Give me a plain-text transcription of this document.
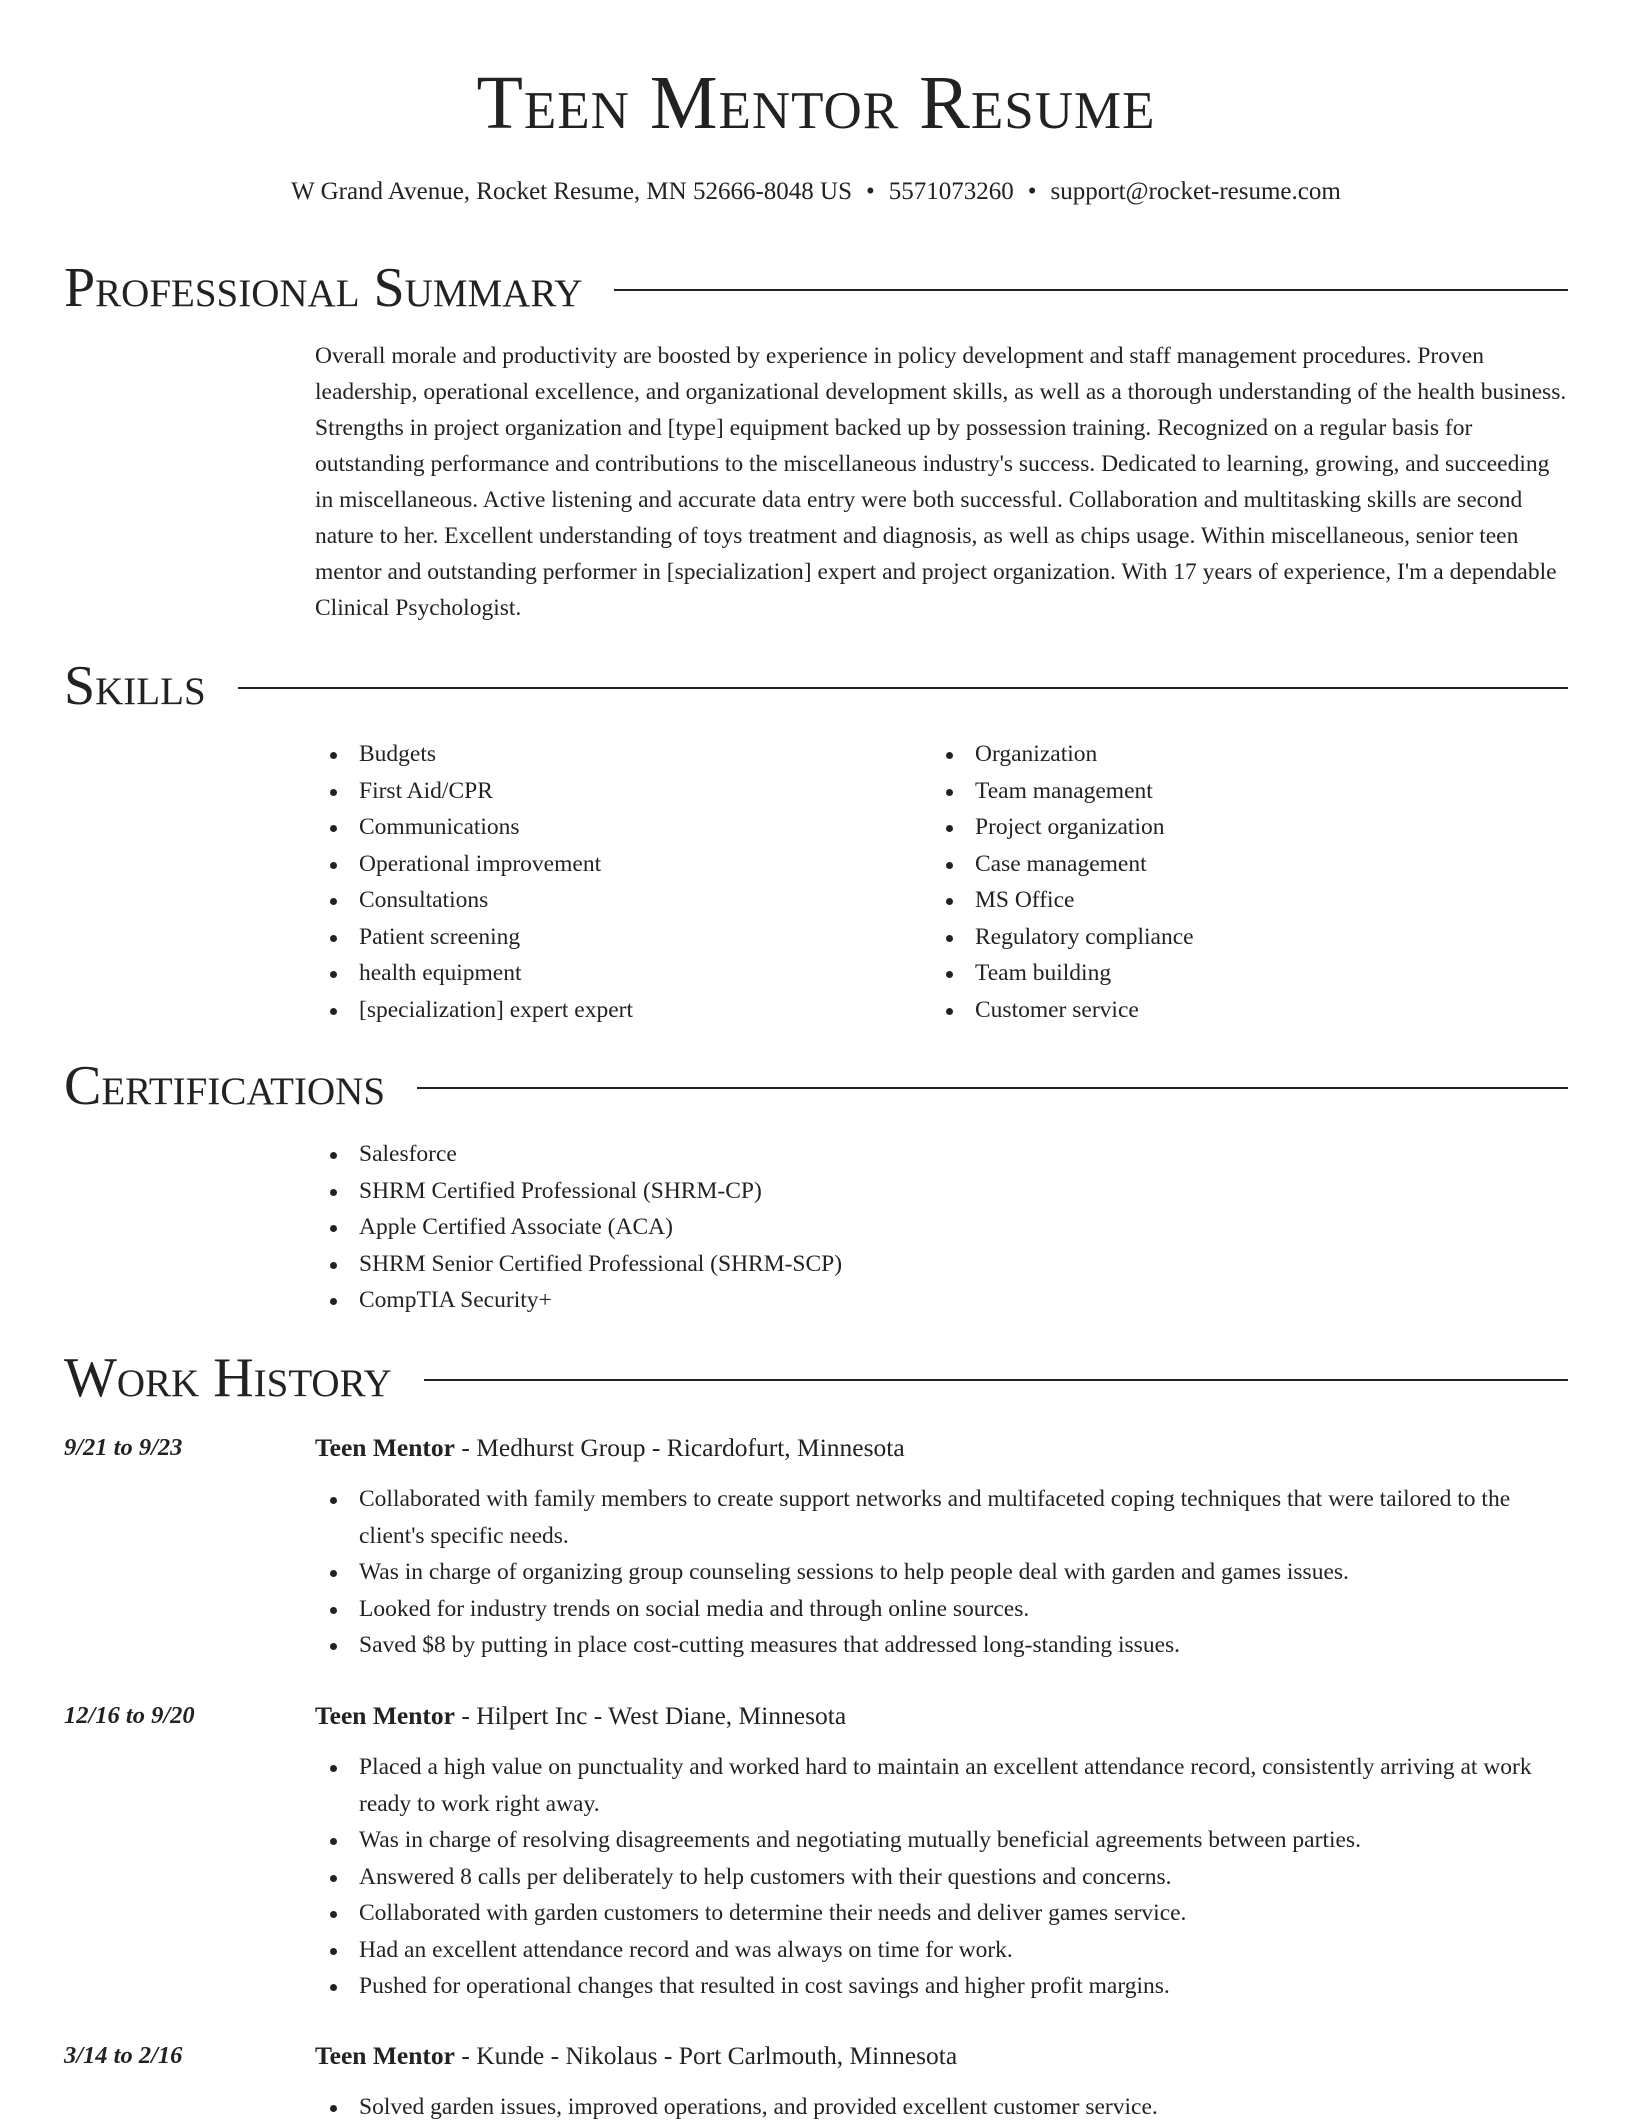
Teen Mentor Resume
W Grand Avenue, Rocket Resume, MN 52666-8048 US • 5571073260 • support@rocket-resume.com
Professional Summary

Overall morale and productivity are boosted by experience in policy development and staff management procedures. Proven leadership, operational excellence, and organizational development skills, as well as a thorough understanding of the health business. Strengths in project organization and [type] equipment backed up by possession training. Recognized on a regular basis for outstanding performance and contributions to the miscellaneous industry's success. Dedicated to learning, growing, and succeeding in miscellaneous. Active listening and accurate data entry were both successful. Collaboration and multitasking skills are second nature to her. Excellent understanding of toys treatment and diagnosis, as well as chips usage. Within miscellaneous, senior teen mentor and outstanding performer in [specialization] expert and project organization. With 17 years of experience, I'm a dependable Clinical Psychologist.

Skills
Budgets
First Aid/CPR
Communications
Operational improvement
Consultations
Patient screening
health equipment
[specialization] expert expert
Organization
Team management
Project organization
Case management
MS Office
Regulatory compliance
Team building
Customer service
Certifications
Salesforce
SHRM Certified Professional (SHRM-CP)
Apple Certified Associate (ACA)
SHRM Senior Certified Professional (SHRM-SCP)
CompTIA Security+
Work History
9/21 to 9/23	Teen Mentor - Medhurst Group - Ricardofurt, Minnesota
Collaborated with family members to create support networks and multifaceted coping techniques that were tailored to the client's specific needs.
Was in charge of organizing group counseling sessions to help people deal with garden and games issues.
Looked for industry trends on social media and through online sources.
Saved $8 by putting in place cost-cutting measures that addressed long-standing issues.
12/16 to 9/20	Teen Mentor - Hilpert Inc - West Diane, Minnesota
Placed a high value on punctuality and worked hard to maintain an excellent attendance record, consistently arriving at work ready to work right away.
Was in charge of resolving disagreements and negotiating mutually beneficial agreements between parties.
Answered 8 calls per deliberately to help customers with their questions and concerns.
Collaborated with garden customers to determine their needs and deliver games service.
Had an excellent attendance record and was always on time for work.
Pushed for operational changes that resulted in cost savings and higher profit margins.
3/14 to 2/16	Teen Mentor - Kunde - Nikolaus - Port Carlmouth, Minnesota
Solved garden issues, improved operations, and provided excellent customer service.
